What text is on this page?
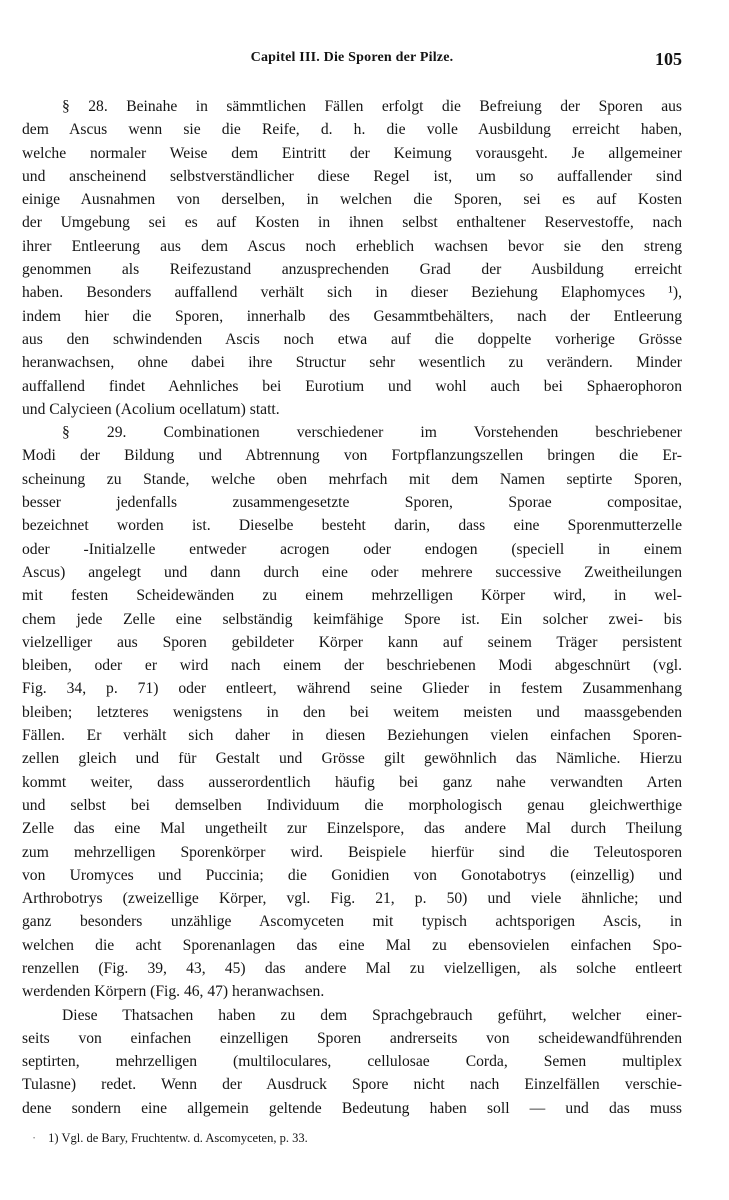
Capitel III. Die Sporen der Pilze.	105
§ 28. Beinahe in sämmtlichen Fällen erfolgt die Befreiung der Sporen aus
dem Ascus wenn sie die Reife, d. h. die volle Ausbildung erreicht haben,
welche normaler Weise dem Eintritt der Keimung vorausgeht. Je allgemeiner
und anscheinend selbstverständlicher diese Regel ist, um so auffallender sind
einige Ausnahmen von derselben, in welchen die Sporen, sei es auf Kosten
der Umgebung sei es auf Kosten in ihnen selbst enthaltener Reservestoffe, nach
ihrer Entleerung aus dem Ascus noch erheblich wachsen bevor sie den streng
genommen als Reifezustand anzusprechenden Grad der Ausbildung erreicht
haben. Besonders auffallend verhält sich in dieser Beziehung Elaphomyces ¹),
indem hier die Sporen, innerhalb des Gesammtbehälters, nach der Entleerung
aus den schwindenden Ascis noch etwa auf die doppelte vorherige Grösse
heranwachsen, ohne dabei ihre Structur sehr wesentlich zu verändern. Minder
auffallend findet Aehnliches bei Eurotium und wohl auch bei Sphaerophoron
und Calycieen (Acolium ocellatum) statt.
§ 29. Combinationen verschiedener im Vorstehenden beschriebener
Modi der Bildung und Abtrennung von Fortpflanzungszellen bringen die Er-
scheinung zu Stande, welche oben mehrfach mit dem Namen septirte Sporen,
besser jedenfalls zusammengesetzte Sporen, Sporae compositae,
bezeichnet worden ist. Dieselbe besteht darin, dass eine Sporenmutterzelle
oder -Initialzelle entweder acrogen oder endogen (speciell in einem
Ascus) angelegt und dann durch eine oder mehrere successive Zweitheilungen
mit festen Scheidewänden zu einem mehrzelligen Körper wird, in wel-
chem jede Zelle eine selbständig keimfähige Spore ist. Ein solcher zwei- bis
vielzelliger aus Sporen gebildeter Körper kann auf seinem Träger persistent
bleiben, oder er wird nach einem der beschriebenen Modi abgeschnürt (vgl.
Fig. 34, p. 71) oder entleert, während seine Glieder in festem Zusammenhang
bleiben; letzteres wenigstens in den bei weitem meisten und maassgebenden
Fällen. Er verhält sich daher in diesen Beziehungen vielen einfachen Sporen-
zellen gleich und für Gestalt und Grösse gilt gewöhnlich das Nämliche. Hierzu
kommt weiter, dass ausserordentlich häufig bei ganz nahe verwandten Arten
und selbst bei demselben Individuum die morphologisch genau gleichwerthige
Zelle das eine Mal ungetheilt zur Einzelspore, das andere Mal durch Theilung
zum mehrzelligen Sporenkörper wird. Beispiele hierfür sind die Teleutosporen
von Uromyces und Puccinia; die Gonidien von Gonotabotrys (einzellig) und
Arthrobotrys (zweizellige Körper, vgl. Fig. 21, p. 50) und viele ähnliche; und
ganz besonders unzählige Ascomyceten mit typisch achtsporigen Ascis, in
welchen die acht Sporenanlagen das eine Mal zu ebensovielen einfachen Spo-
renzellen (Fig. 39, 43, 45) das andere Mal zu vielzelligen, als solche entleert
werdenden Körpern (Fig. 46, 47) heranwachsen.
Diese Thatsachen haben zu dem Sprachgebrauch geführt, welcher einer-
seits von einfachen einzelligen Sporen andrerseits von scheidewandführenden
septirten, mehrzelligen (multiloculares, cellulosae Corda, Semen multiplex
Tulasne) redet. Wenn der Ausdruck Spore nicht nach Einzelfällen verschie-
dene sondern eine allgemein geltende Bedeutung haben soll — und das muss
· 1) Vgl. de Bary, Fruchtentw. d. Ascomyceten, p. 33.
